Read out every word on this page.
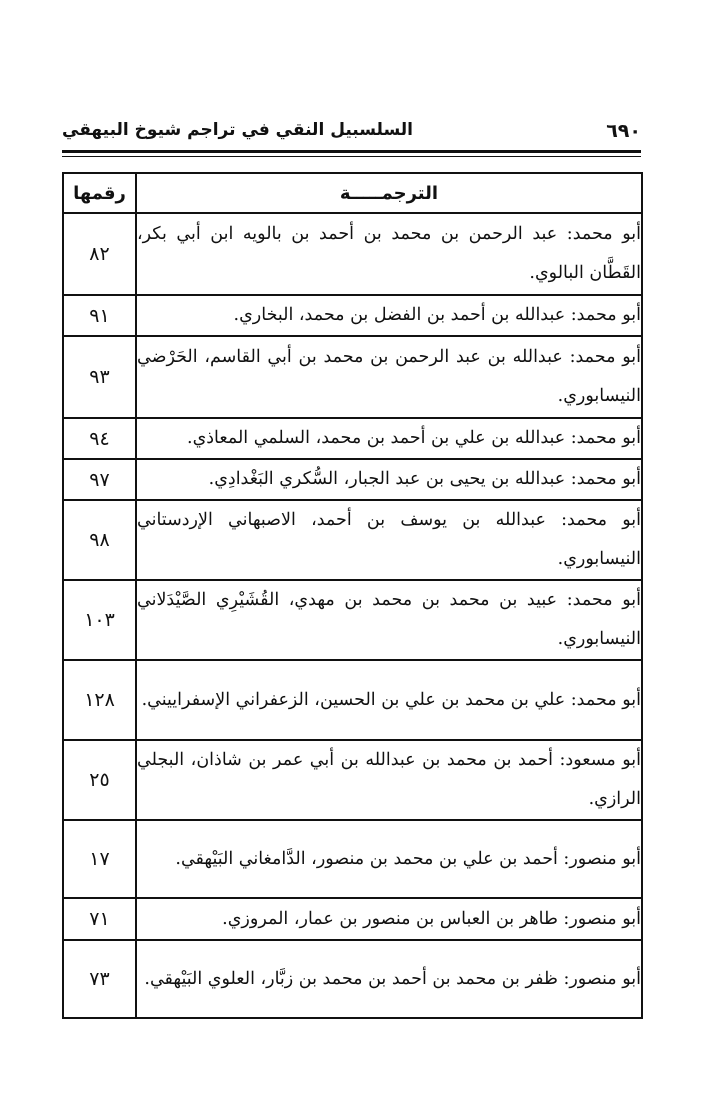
٦٩٠
السلسبيل النقي في تراجم شيوخ البيهقي
الترجمـــــة	رقمها
أبو محمد: عبد الرحمن بن محمد بن أحمد بن بالويه ابن أبي بكر، القَطَّان البالوي.	٨٢
أبو محمد: عبدالله بن أحمد بن الفضل بن محمد، البخاري.	٩١
أبو محمد: عبدالله بن عبد الرحمن بن محمد بن أبي القاسم، الحَرْضي النيسابوري.	٩٣
أبو محمد: عبدالله بن علي بن أحمد بن محمد، السلمي المعاذي.	٩٤
أبو محمد: عبدالله بن يحيى بن عبد الجبار، السُّكري البَغْدادِي.	٩٧
أبو محمد: عبدالله بن يوسف بن أحمد، الاصبهاني الإردستاني النيسابوري.	٩٨
أبو محمد: عبيد بن محمد بن محمد بن مهدي، القُشَيْرِي الصَّيْدَلاني النيسابوري.	١٠٣
أبو محمد: علي بن محمد بن علي بن الحسين، الزعفراني الإسفراييني.	١٢٨
أبو مسعود: أحمد بن محمد بن عبدالله بن أبي عمر بن شاذان، البجلي الرازي.	٢٥
أبو منصور: أحمد بن علي بن محمد بن منصور، الدَّامغاني البَيْهقي.	١٧
أبو منصور: طاهر بن العباس بن منصور بن عمار، المروزي.	٧١
أبو منصور: ظفر بن محمد بن أحمد بن محمد بن زبَّار، العلوي البَيْهقي.	٧٣
